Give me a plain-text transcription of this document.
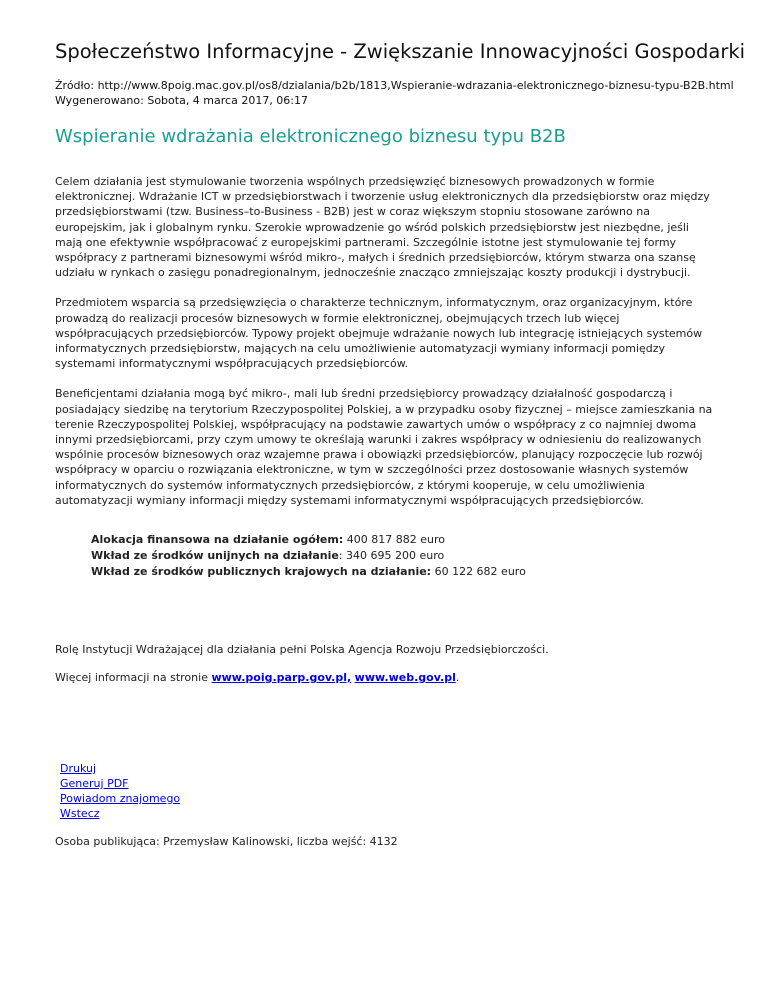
Społeczeństwo Informacyjne - Zwiększanie Innowacyjności Gospodarki
Źródło: http://www.8poig.mac.gov.pl/os8/dzialania/b2b/1813,Wspieranie-wdrazania-elektronicznego-biznesu-typu-B2B.html
Wygenerowano: Sobota, 4 marca 2017, 06:17
Wspieranie wdrażania elektronicznego biznesu typu B2B

Celem działania jest stymulowanie tworzenia wspólnych przedsięwzięć biznesowych prowadzonych w formie elektronicznej. Wdrażanie ICT w przedsiębiorstwach i tworzenie usług elektronicznych dla przedsiębiorstw oraz między przedsiębiorstwami (tzw. Business–to-Business - B2B) jest w coraz większym stopniu stosowane zarówno na europejskim, jak i globalnym rynku. Szerokie wprowadzenie go wśród polskich przedsiębiorstw jest niezbędne, jeśli mają one efektywnie współpracować z europejskimi partnerami. Szczególnie istotne jest stymulowanie tej formy współpracy z partnerami biznesowymi wśród mikro-, małych i średnich przedsiębiorców, którym stwarza ona szansę udziału w rynkach o zasięgu ponadregionalnym, jednocześnie znacząco zmniejszając koszty produkcji i dystrybucji.

Przedmiotem wsparcia są przedsięwzięcia o charakterze technicznym, informatycznym, oraz organizacyjnym, które prowadzą do realizacji procesów biznesowych w formie elektronicznej, obejmujących trzech lub więcej współpracujących przedsiębiorców. Typowy projekt obejmuje wdrażanie nowych lub integrację istniejących systemów informatycznych przedsiębiorstw, mających na celu umożliwienie automatyzacji wymiany informacji pomiędzy systemami informatycznymi współpracujących przedsiębiorców.

Beneficjentami działania mogą być mikro-, mali lub średni przedsiębiorcy prowadzący działalność gospodarczą i posiadający siedzibę na terytorium Rzeczypospolitej Polskiej, a w przypadku osoby fizycznej – miejsce zamieszkania na terenie Rzeczypospolitej Polskiej, współpracujący na podstawie zawartych umów o współpracy z co najmniej dwoma innymi przedsiębiorcami, przy czym umowy te określają warunki i zakres współpracy w odniesieniu do realizowanych wspólnie procesów biznesowych oraz wzajemne prawa i obowiązki przedsiębiorców, planujący rozpoczęcie lub rozwój współpracy w oparciu o rozwiązania elektroniczne, w tym w szczególności przez dostosowanie własnych systemów informatycznych do systemów informatycznych przedsiębiorców, z którymi kooperuje, w celu umożliwienia automatyzacji wymiany informacji między systemami informatycznymi współpracujących przedsiębiorców.

Alokacja finansowa na działanie ogółem: 400 817 882 euro
Wkład ze środków unijnych na działanie: 340 695 200 euro
Wkład ze środków publicznych krajowych na działanie: 60 122 682 euro
Rolę Instytucji Wdrażającej dla działania pełni Polska Agencja Rozwoju Przedsiębiorczości.
Więcej informacji na stronie www.poig.parp.gov.pl, www.web.gov.pl.
Drukuj
Generuj PDF
Powiadom znajomego
Wstecz
Osoba publikująca: Przemysław Kalinowski, liczba wejść: 4132
